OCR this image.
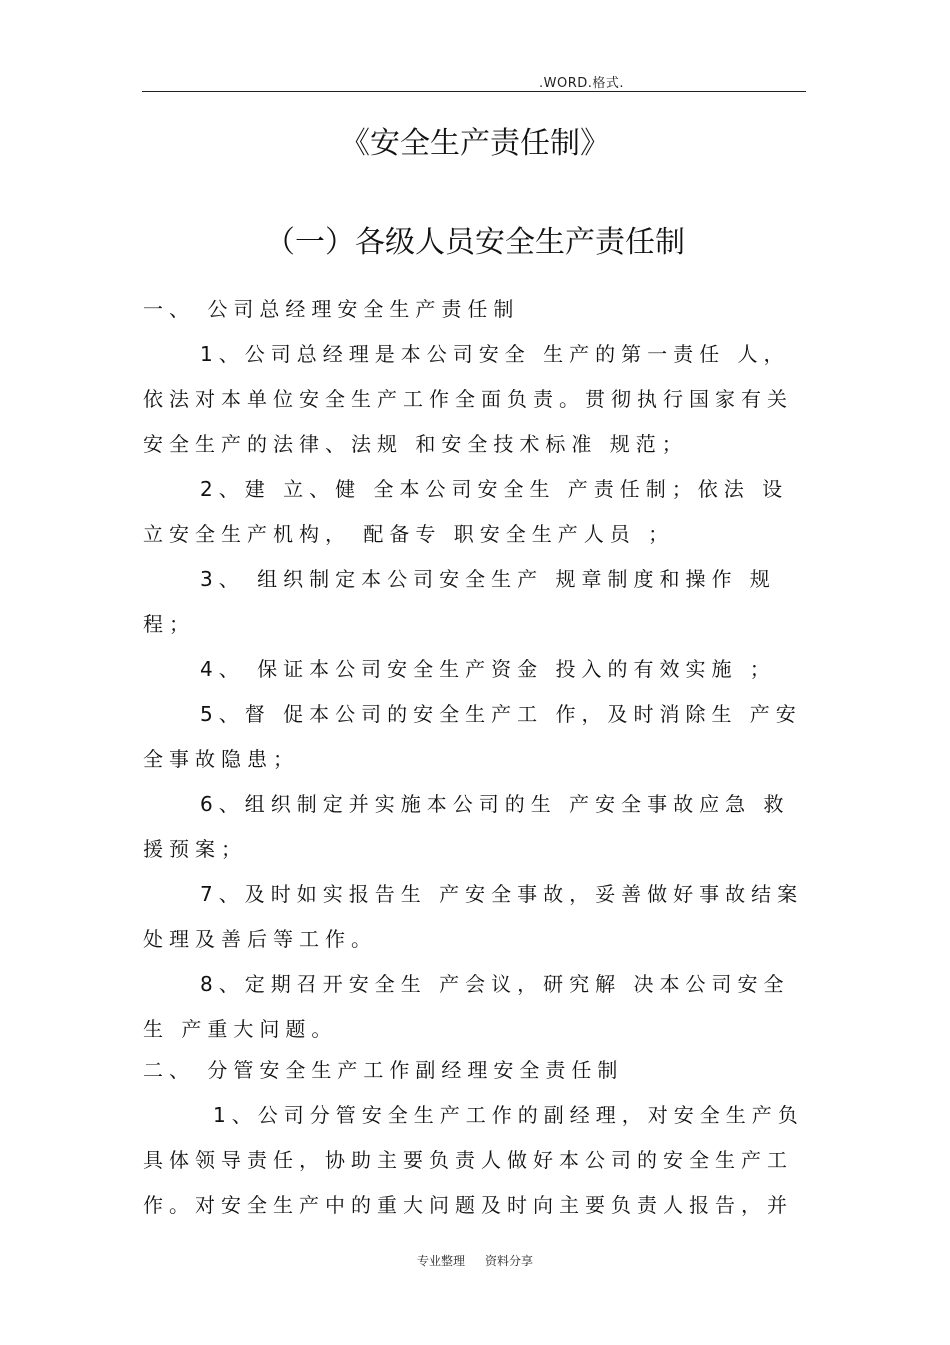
.WORD.格式.
《安全生产责任制》
（一）各级人员安全生产责任制

一、 公司总经理安全生产责任制

1、公司总经理是本公司安全 生产的第一责任 人，依法对本单位安全生产工作全面负责。贯彻执行国家有关安全生产的法律、法规 和安全技术标准 规范；

2、建 立、健 全本公司安全生 产责任制；依法 设立安全生产机构， 配备专 职安全生产人员 ；

3、 组织制定本公司安全生产 规章制度和操作 规程；

4、 保证本公司安全生产资金 投入的有效实施 ；

5、督 促本公司的安全生产工 作，及时消除生 产安全事故隐患；

6、组织制定并实施本公司的生 产安全事故应急 救援预案；

7、及时如实报告生 产安全事故，妥善做好事故结案 处理及善后等工作。

8、定期召开安全生 产会议，研究解 决本公司安全生 产重大问题。

二、 分管安全生产工作副经理安全责任制

1、公司分管安全生产工作的副经理，对安全生产负具体领导责任，协助主要负责人做好本公司的安全生产工作。对安全生产中的重大问题及时向主要负责人报告，并

专业整理 资料分享
